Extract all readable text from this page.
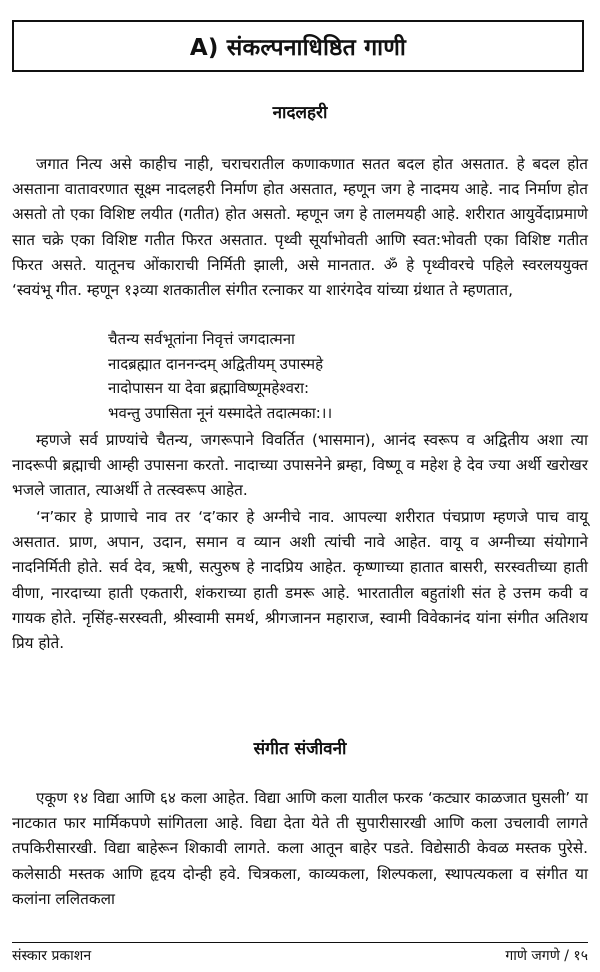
A) संकल्पनाधिष्ठित गाणी
नादलहरी

जगात नित्य असे काहीच नाही, चराचरातील कणाकणात सतत बदल होत असतात. हे बदल होत असताना वातावरणात सूक्ष्म नादलहरी निर्माण होत असतात, म्हणून जग हे नादमय आहे. नाद निर्माण होत असतो तो एका विशिष्ट लयीत (गतीत) होत असतो. म्हणून जग हे तालमयही आहे. शरीरात आयुर्वेदाप्रमाणे सात चक्रे एका विशिष्ट गतीत फिरत असतात. पृथ्वी सूर्याभोवती आणि स्वत:भोवती एका विशिष्ट गतीत फिरत असते. यातूनच ओंकाराची निर्मिती झाली, असे मानतात. ॐ हे पृथ्वीवरचे पहिले स्वरलययुक्त ‘स्वयंभू गीत. म्हणून १३व्या शतकातील संगीत रत्नाकर या शारंगदेव यांच्या ग्रंथात ते म्हणतात,

चैतन्य सर्वभूतांना निवृत्तं जगदात्मना
नादब्रह्मात दाननन्दम् अद्वितीयम् उपास्महे
नादोपासन या देवा ब्रह्माविष्णूमहेश्वरा:
भवन्तु उपासिता नूनं यस्मादेते तदात्मका:।।

म्हणजे सर्व प्राण्यांचे चैतन्य, जगरूपाने विवर्तित (भासमान), आनंद स्वरूप व अद्वितीय अशा त्या नादरूपी ब्रह्माची आम्ही उपासना करतो. नादाच्या उपासनेने ब्रम्हा, विष्णू व महेश हे देव ज्या अर्थी खरोखर भजले जातात, त्याअर्थी ते तत्स्वरूप आहेत.

‘न’कार हे प्राणाचे नाव तर ‘द’कार हे अग्नीचे नाव. आपल्या शरीरात पंचप्राण म्हणजे पाच वायू असतात. प्राण, अपान, उदान, समान व व्यान अशी त्यांची नावे आहेत. वायू व अग्नीच्या संयोगाने नादनिर्मिती होते. सर्व देव, ऋषी, सत्पुरुष हे नादप्रिय आहेत. कृष्णाच्या हातात बासरी, सरस्वतीच्या हाती वीणा, नारदाच्या हाती एकतारी, शंकराच्या हाती डमरू आहे. भारतातील बहुतांशी संत हे उत्तम कवी व गायक होते. नृसिंह-सरस्वती, श्रीस्वामी समर्थ, श्रीगजानन महाराज, स्वामी विवेकानंद यांना संगीत अतिशय प्रिय होते.

संगीत संजीवनी

एकूण १४ विद्या आणि ६४ कला आहेत. विद्या आणि कला यातील फरक ‘कट्यार काळजात घुसली’ या नाटकात फार मार्मिकपणे सांगितला आहे. विद्या देता येते ती सुपारीसारखी आणि कला उचलावी लागते तपकिरीसारखी. विद्या बाहेरून शिकावी लागते. कला आतून बाहेर पडते. विद्येसाठी केवळ मस्तक पुरेसे. कलेसाठी मस्तक आणि हृदय दोन्ही हवे. चित्रकला, काव्यकला, शिल्पकला, स्थापत्यकला व संगीत या कलांना ललितकला

संस्कार प्रकाशन	गाणे जगणे / १५
